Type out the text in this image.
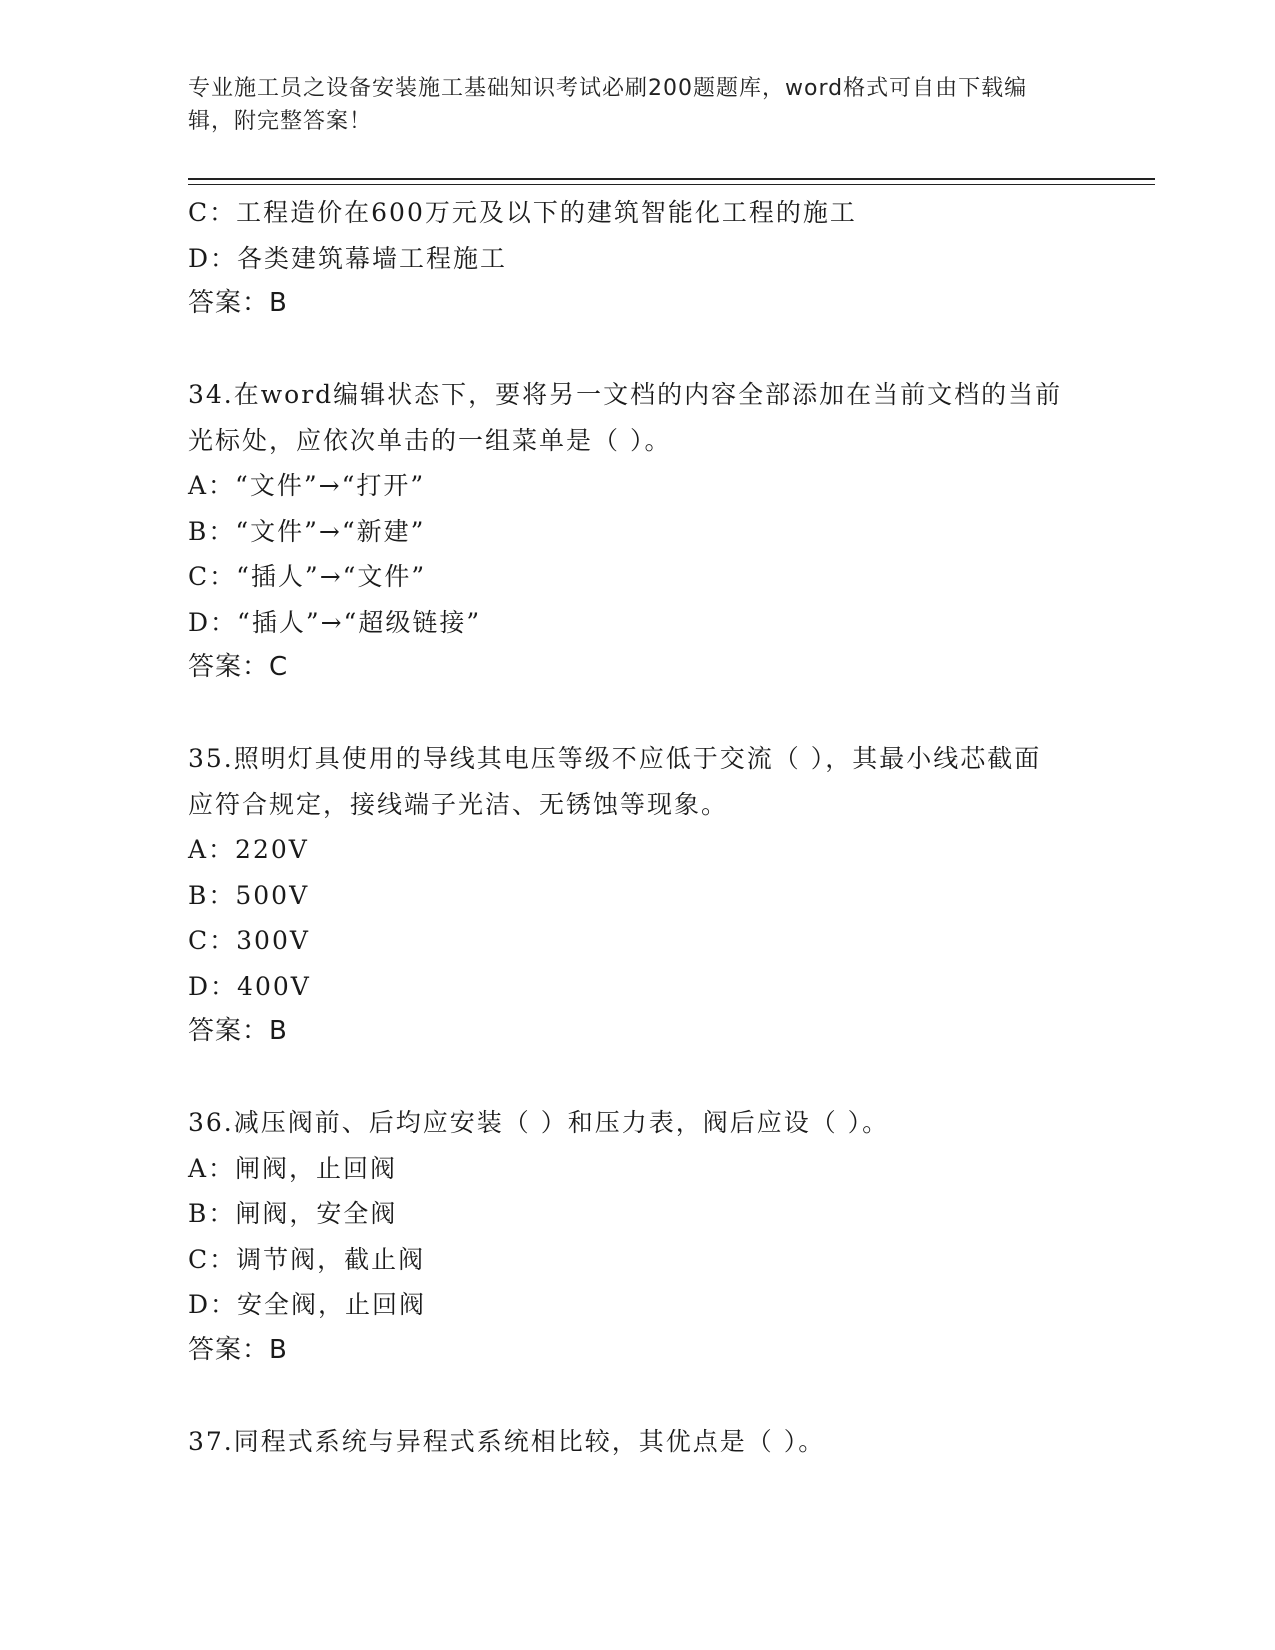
专业施工员之设备安装施工基础知识考试必刷200题题库，word格式可自由下载编辑，附完整答案！
C：工程造价在600万元及以下的建筑智能化工程的施工
D：各类建筑幕墙工程施工
答案：B
34.在word编辑状态下，要将另一文档的内容全部添加在当前文档的当前光标处，应依次单击的一组菜单是（ ）。
A：“文件”→“打开”
B：“文件”→“新建”
C：“插人”→“文件”
D：“插人”→“超级链接”
答案：C
35.照明灯具使用的导线其电压等级不应低于交流（ ），其最小线芯截面应符合规定，接线端子光洁、无锈蚀等现象。
A：220V
B：500V
C：300V
D：400V
答案：B
36.减压阀前、后均应安装（ ）和压力表，阀后应设（ ）。
A：闸阀，止回阀
B：闸阀，安全阀
C：调节阀，截止阀
D：安全阀，止回阀
答案：B
37.同程式系统与异程式系统相比较，其优点是（ ）。
